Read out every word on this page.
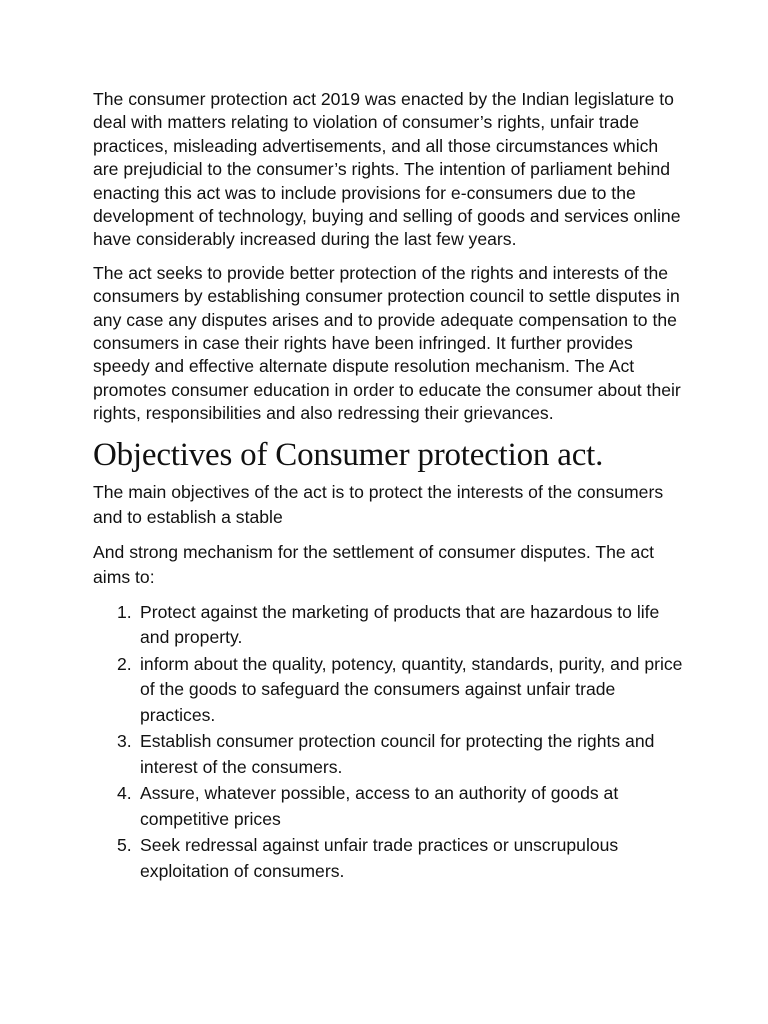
The consumer protection act 2019 was enacted by the Indian legislature to deal with matters relating to violation of consumer’s rights, unfair trade practices, misleading advertisements, and all those circumstances which are prejudicial to the consumer’s rights. The intention of parliament behind enacting this act was to include provisions for e-consumers due to the development of technology, buying and selling of goods and services online have considerably increased during the last few years.

The act seeks to provide better protection of the rights and interests of the consumers by establishing consumer protection council to settle disputes in any case any disputes arises and to provide adequate compensation to the consumers in case their rights have been infringed. It further provides speedy and effective alternate dispute resolution mechanism. The Act promotes consumer education in order to educate the consumer about their rights, responsibilities and also redressing their grievances.

Objectives of Consumer protection act.

The main objectives of the act is to protect the interests of the consumers and to establish a stable

And strong mechanism for the settlement of consumer disputes. The act aims to:

1. Protect against the marketing of products that are hazardous to life and property.
2. inform about the quality, potency, quantity, standards, purity, and price of the goods to safeguard the consumers against unfair trade practices.
3. Establish consumer protection council for protecting the rights and interest of the consumers.
4. Assure, whatever possible, access to an authority of goods at competitive prices
5. Seek redressal against unfair trade practices or unscrupulous exploitation of consumers.
